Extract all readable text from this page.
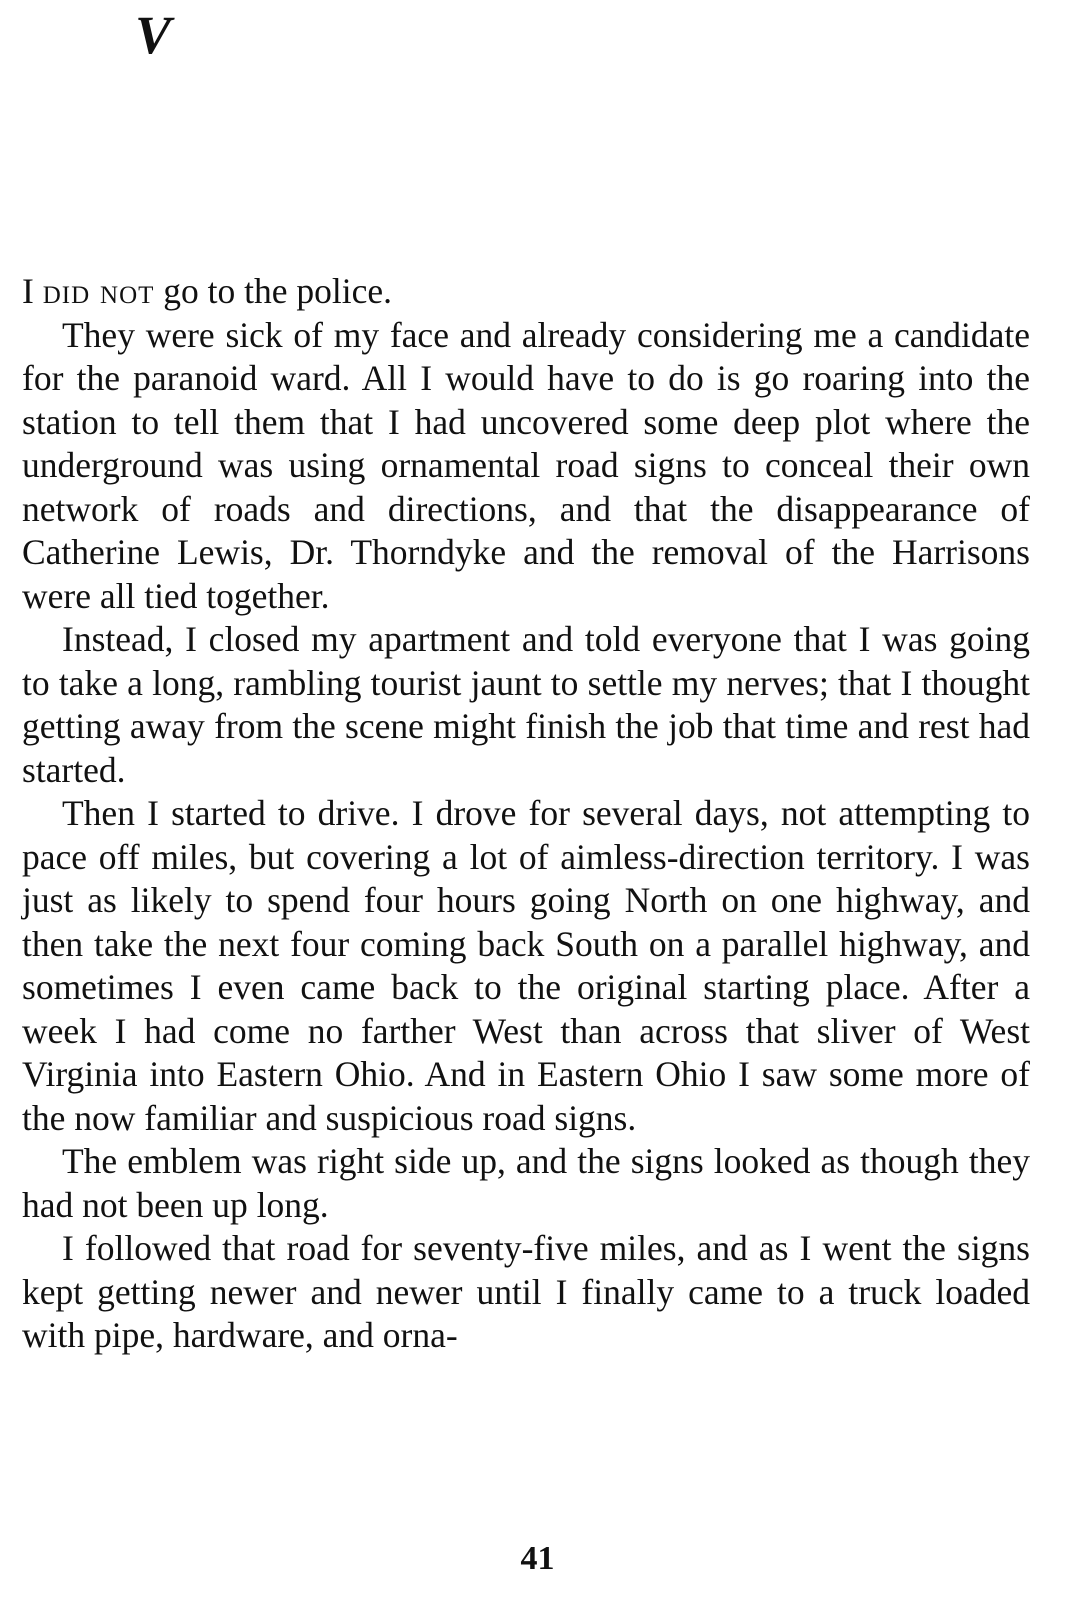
V

I did not go to the police.

They were sick of my face and already considering me a candidate for the paranoid ward. All I would have to do is go roaring into the station to tell them that I had uncovered some deep plot where the underground was using ornamental road signs to conceal their own network of roads and directions, and that the disappearance of Catherine Lewis, Dr. Thorndyke and the removal of the Harrisons were all tied together.

Instead, I closed my apartment and told everyone that I was going to take a long, rambling tourist jaunt to settle my nerves; that I thought getting away from the scene might finish the job that time and rest had started.

Then I started to drive. I drove for several days, not attempting to pace off miles, but covering a lot of aimless-direction territory. I was just as likely to spend four hours going North on one highway, and then take the next four coming back South on a parallel highway, and sometimes I even came back to the original starting place. After a week I had come no farther West than across that sliver of West Virginia into Eastern Ohio. And in Eastern Ohio I saw some more of the now familiar and suspicious road signs.

The emblem was right side up, and the signs looked as though they had not been up long.

I followed that road for seventy-five miles, and as I went the signs kept getting newer and newer until I finally came to a truck loaded with pipe, hardware, and orna-

41
